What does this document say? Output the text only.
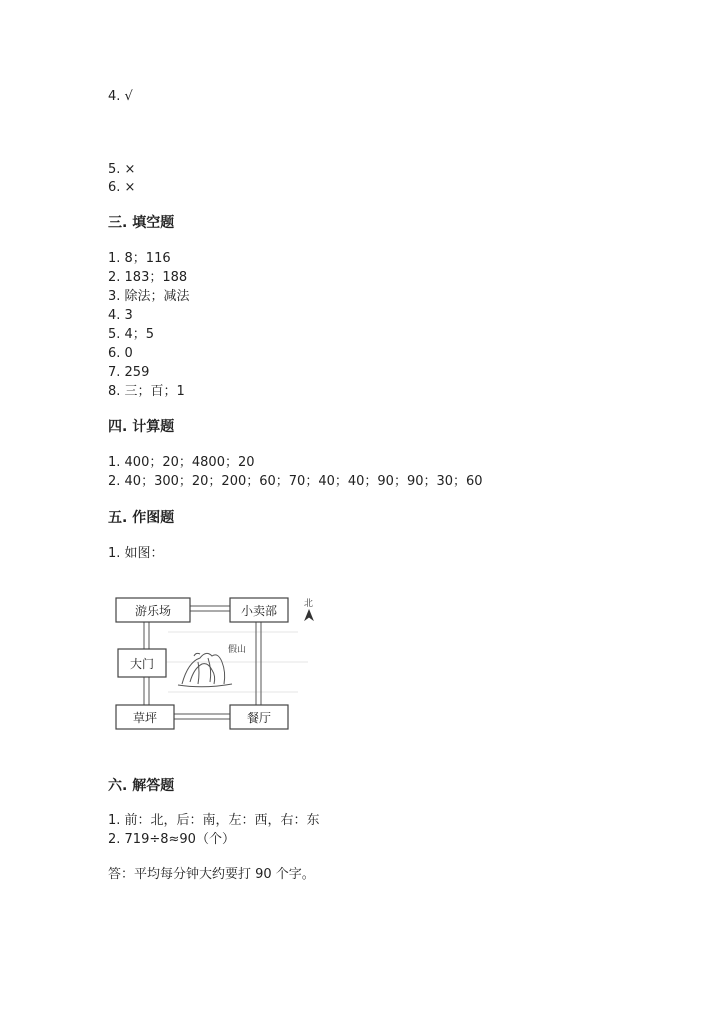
4. √
5. ×
6. ×
三. 填空题
1. 8；116
2. 183；188
3. 除法；减法
4. 3
5. 4；5
6. 0
7. 259
8. 三；百；1
四. 计算题
1. 400；20；4800；20
2. 40；300；20；200；60；70；40；40；90；90；30；60
五. 作图题
1. 如图：
游乐场	小卖部
大门
草坪	餐厅
假山
北
六. 解答题
1. 前：北，后：南，左：西，右：东
2. 719÷8≈90（个）
答：平均每分钟大约要打 90 个字。
